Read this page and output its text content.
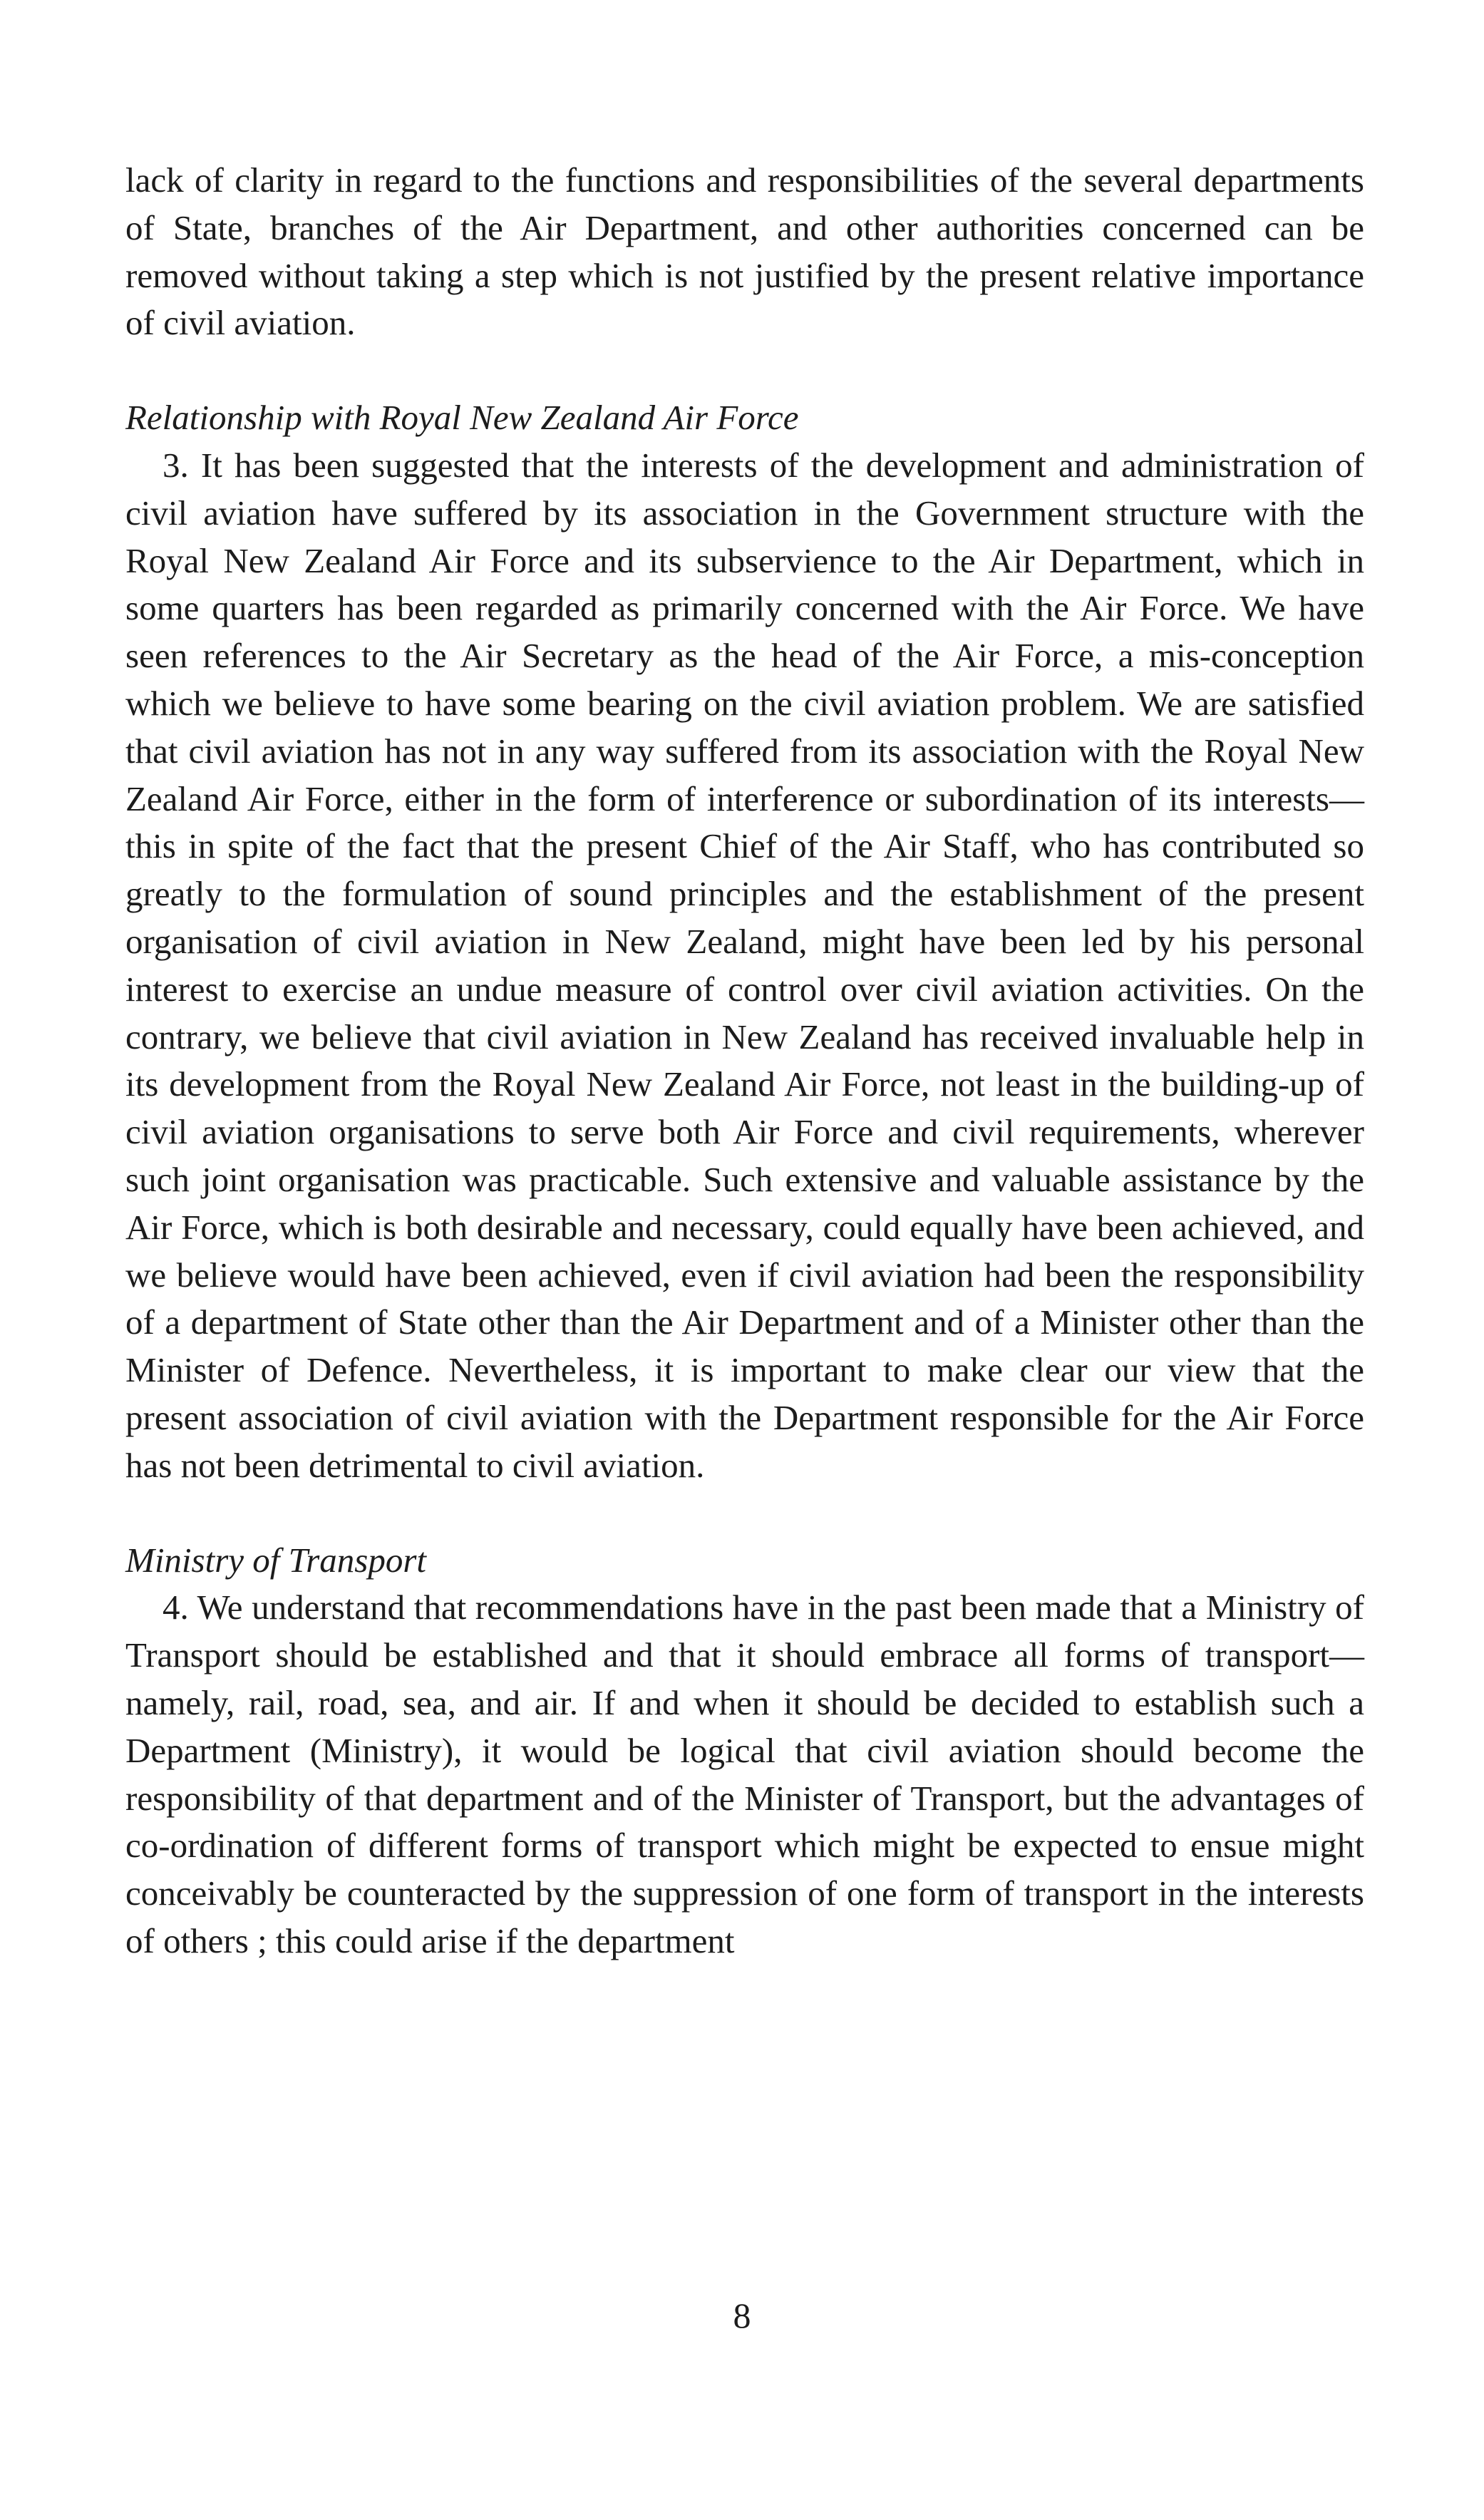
lack of clarity in regard to the functions and responsibilities of the several departments of State, branches of the Air Department, and other authorities concerned can be removed without taking a step which is not justified by the present relative importance of civil aviation.

Relationship with Royal New Zealand Air Force

3. It has been suggested that the interests of the development and administration of civil aviation have suffered by its association in the Government structure with the Royal New Zealand Air Force and its subservience to the Air Department, which in some quarters has been regarded as primarily concerned with the Air Force. We have seen references to the Air Secretary as the head of the Air Force, a mis-conception which we believe to have some bearing on the civil aviation problem. We are satisfied that civil aviation has not in any way suffered from its association with the Royal New Zealand Air Force, either in the form of interference or subordination of its interests—this in spite of the fact that the present Chief of the Air Staff, who has contributed so greatly to the formulation of sound principles and the establishment of the present organisation of civil aviation in New Zealand, might have been led by his personal interest to exercise an undue measure of control over civil aviation activities. On the contrary, we believe that civil aviation in New Zealand has received invaluable help in its development from the Royal New Zealand Air Force, not least in the building-up of civil aviation organisations to serve both Air Force and civil requirements, wherever such joint organisation was practicable. Such extensive and valuable assistance by the Air Force, which is both desirable and necessary, could equally have been achieved, and we believe would have been achieved, even if civil aviation had been the responsibility of a department of State other than the Air Department and of a Minister other than the Minister of Defence. Nevertheless, it is important to make clear our view that the present association of civil aviation with the Department responsible for the Air Force has not been detrimental to civil aviation.

Ministry of Transport

4. We understand that recommendations have in the past been made that a Ministry of Transport should be established and that it should embrace all forms of transport—namely, rail, road, sea, and air. If and when it should be decided to establish such a Department (Ministry), it would be logical that civil aviation should become the responsibility of that department and of the Minister of Transport, but the advantages of co-ordination of different forms of transport which might be expected to ensue might conceivably be counteracted by the suppression of one form of transport in the interests of others ; this could arise if the department

8
